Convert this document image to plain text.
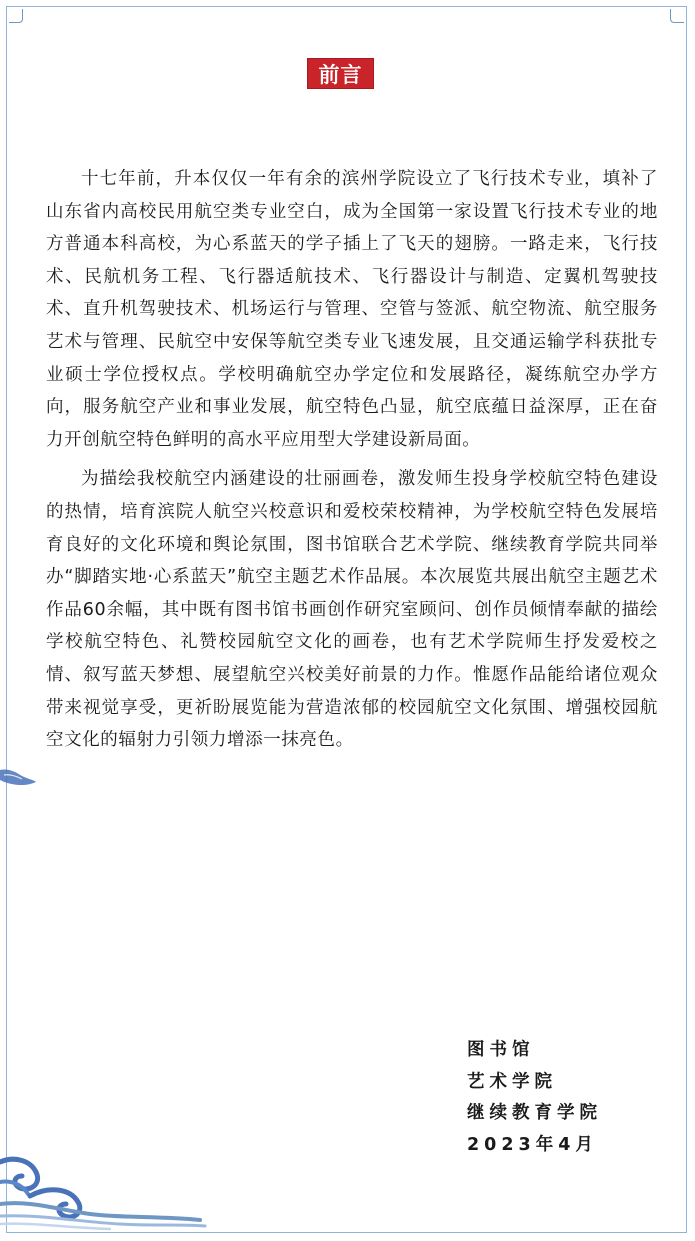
前言

十七年前，升本仅仅一年有余的滨州学院设立了飞行技术专业，填补了山东省内高校民用航空类专业空白，成为全国第一家设置飞行技术专业的地方普通本科高校，为心系蓝天的学子插上了飞天的翅膀。一路走来，飞行技术、民航机务工程、飞行器适航技术、飞行器设计与制造、定翼机驾驶技术、直升机驾驶技术、机场运行与管理、空管与签派、航空物流、航空服务艺术与管理、民航空中安保等航空类专业飞速发展，且交通运输学科获批专业硕士学位授权点。学校明确航空办学定位和发展路径，凝练航空办学方向，服务航空产业和事业发展，航空特色凸显，航空底蕴日益深厚，正在奋力开创航空特色鲜明的高水平应用型大学建设新局面。

为描绘我校航空内涵建设的壮丽画卷，激发师生投身学校航空特色建设的热情，培育滨院人航空兴校意识和爱校荣校精神，为学校航空特色发展培育良好的文化环境和舆论氛围，图书馆联合艺术学院、继续教育学院共同举办“脚踏实地·心系蓝天”航空主题艺术作品展。本次展览共展出航空主题艺术作品60余幅，其中既有图书馆书画创作研究室顾问、创作员倾情奉献的描绘学校航空特色、礼赞校园航空文化的画卷，也有艺术学院师生抒发爱校之情、叙写蓝天梦想、展望航空兴校美好前景的力作。惟愿作品能给诸位观众带来视觉享受，更祈盼展览能为营造浓郁的校园航空文化氛围、增强校园航空文化的辐射力引领力增添一抹亮色。

图书馆
艺术学院
继续教育学院
2023年4月
